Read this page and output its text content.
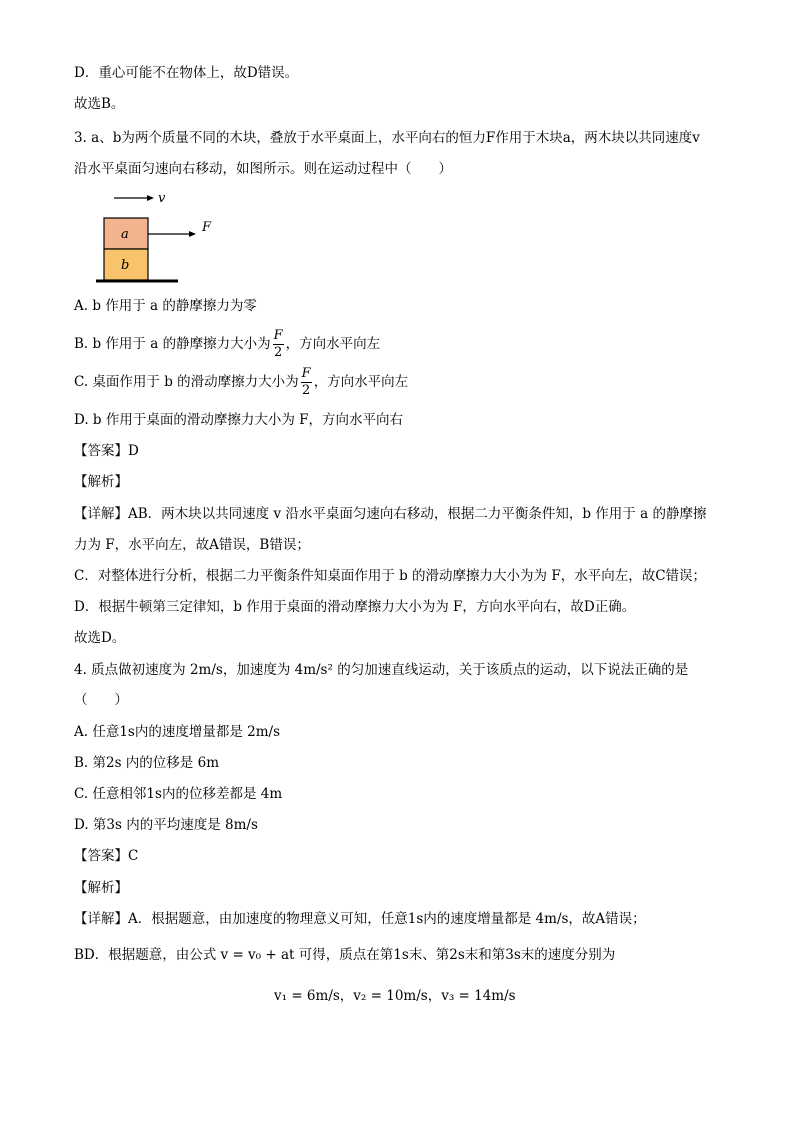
D．重心可能不在物体上，故D错误。
故选B。
3. a、b为两个质量不同的木块，叠放于水平桌面上，水平向右的恒力F作用于木块a，两木块以共同速度v
沿水平桌面匀速向右移动，如图所示。则在运动过程中（　　）
v
a
b
F
A. b 作用于 a 的静摩擦力为零
B. b 作用于 a 的静摩擦力大小为 $\frac{F}{2}$ ，方向水平向左
C. 桌面作用于 b 的滑动摩擦力大小为 $\frac{F}{2}$ ，方向水平向左
D. b 作用于桌面的滑动摩擦力大小为 F，方向水平向右
【答案】D
【解析】
【详解】AB．两木块以共同速度 v 沿水平桌面匀速向右移动，根据二力平衡条件知，b 作用于 a 的静摩擦
力为 F，水平向左，故A错误，B错误；
C．对整体进行分析，根据二力平衡条件知桌面作用于 b 的滑动摩擦力大小为为 F，水平向左，故C错误；
D．根据牛顿第三定律知，b 作用于桌面的滑动摩擦力大小为为 F，方向水平向右，故D正确。
故选D。
4. 质点做初速度为 2m/s，加速度为 4m/s² 的匀加速直线运动，关于该质点的运动，以下说法正确的是
（　　）
A. 任意1s内的速度增量都是 2m/s
B. 第2s 内的位移是 6m
C. 任意相邻1s内的位移差都是 4m
D. 第3s 内的平均速度是 8m/s
【答案】C
【解析】
【详解】A．根据题意，由加速度的物理意义可知，任意1s内的速度增量都是 4m/s，故A错误；
BD．根据题意，由公式 v = v₀ + at 可得，质点在第1s末、第2s末和第3s末的速度分别为
v₁ = 6m/s，v₂ = 10m/s，v₃ = 14m/s
